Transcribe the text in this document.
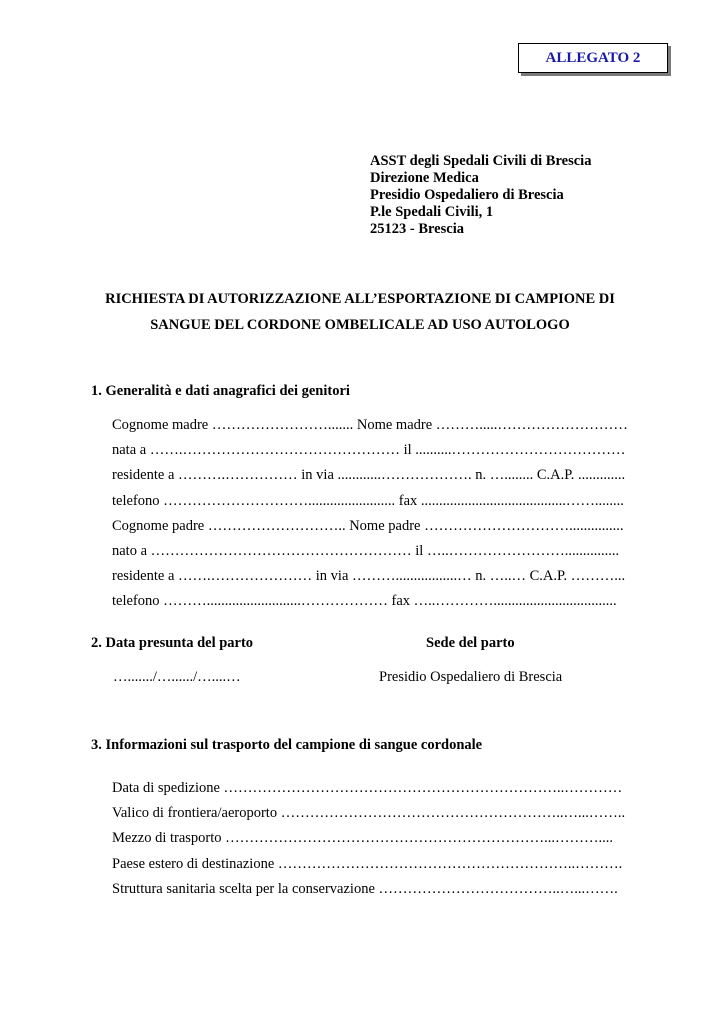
ALLEGATO 2
ASST degli Spedali Civili di Brescia
Direzione Medica
Presidio Ospedaliero di Brescia
P.le Spedali Civili, 1
25123 - Brescia
RICHIESTA DI AUTORIZZAZIONE ALL’ESPORTAZIONE DI CAMPIONE DI
SANGUE DEL CORDONE OMBELICALE AD USO AUTOLOGO
1. Generalità e dati anagrafici dei genitori
Cognome madre ……………………....... Nome madre ……….....………………………
nata a …….……………………………………… il ..........………………………………
residente a ……….…………… in via ............………………. n. …........ C.A.P. .............
telefono …………………………........................ fax ........................................……........
Cognome padre ……………………….. Nome padre …………………………...............
nato a ……………………………………………… il …..……………………...............
residente a …….………………… in via ……….................… n. …..… C.A.P. ………...
telefono ………..........................……………… fax …..…………..................................
2. Data presunta del parto	Sede del parto
…......./…....../…....…	Presidio Ospedaliero di Brescia
3. Informazioni sul trasporto del campione di sangue cordonale
Data di spedizione ……………………………………………………………..…………
Valico di frontiera/aeroporto …………………………………………………..…...……..
Mezzo di trasporto …………………………………………………………...………....
Paese estero di destinazione ……………………………………………………..……….
Struttura sanitaria scelta per la conservazione ………………………………..…...…….
